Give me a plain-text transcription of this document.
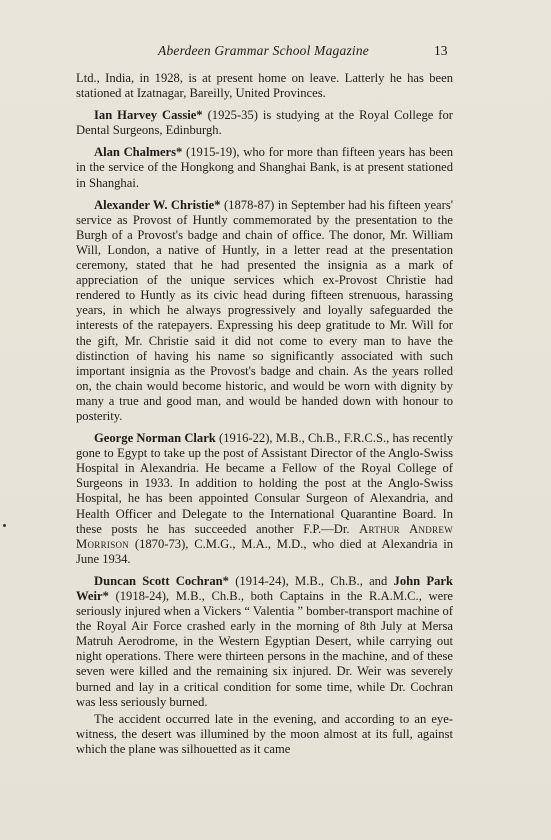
Aberdeen Grammar School Magazine	13

Ltd., India, in 1928, is at present home on leave. Latterly he has been stationed at Izatnagar, Bareilly, United Provinces.

Ian Harvey Cassie* (1925-35) is studying at the Royal College for Dental Surgeons, Edinburgh.

Alan Chalmers* (1915-19), who for more than fifteen years has been in the service of the Hongkong and Shanghai Bank, is at present stationed in Shanghai.

Alexander W. Christie* (1878-87) in September had his fifteen years' service as Provost of Huntly commemorated by the presentation to the Burgh of a Provost's badge and chain of office. The donor, Mr. William Will, London, a native of Huntly, in a letter read at the presentation ceremony, stated that he had presented the insignia as a mark of appreciation of the unique services which ex-Provost Christie had rendered to Huntly as its civic head during fifteen strenuous, harassing years, in which he always progressively and loyally safeguarded the interests of the ratepayers. Expressing his deep gratitude to Mr. Will for the gift, Mr. Christie said it did not come to every man to have the distinction of having his name so significantly associated with such important insignia as the Provost's badge and chain. As the years rolled on, the chain would become historic, and would be worn with dignity by many a true and good man, and would be handed down with honour to posterity.

George Norman Clark (1916-22), M.B., Ch.B., F.R.C.S., has recently gone to Egypt to take up the post of Assistant Director of the Anglo-Swiss Hospital in Alexandria. He became a Fellow of the Royal College of Surgeons in 1933. In addition to holding the post at the Anglo-Swiss Hospital, he has been appointed Consular Surgeon of Alexandria, and Health Officer and Delegate to the International Quarantine Board. In these posts he has succeeded another F.P.—Dr. Arthur Andrew Morrison (1870-73), C.M.G., M.A., M.D., who died at Alexandria in June 1934.

Duncan Scott Cochran* (1914-24), M.B., Ch.B., and John Park Weir* (1918-24), M.B., Ch.B., both Captains in the R.A.M.C., were seriously injured when a Vickers “ Valentia ” bomber-transport machine of the Royal Air Force crashed early in the morning of 8th July at Mersa Matruh Aerodrome, in the Western Egyptian Desert, while carrying out night operations. There were thirteen persons in the machine, and of these seven were killed and the remaining six injured. Dr. Weir was severely burned and lay in a critical condition for some time, while Dr. Cochran was less seriously burned.

The accident occurred late in the evening, and according to an eye-witness, the desert was illumined by the moon almost at its full, against which the plane was silhouetted as it came
